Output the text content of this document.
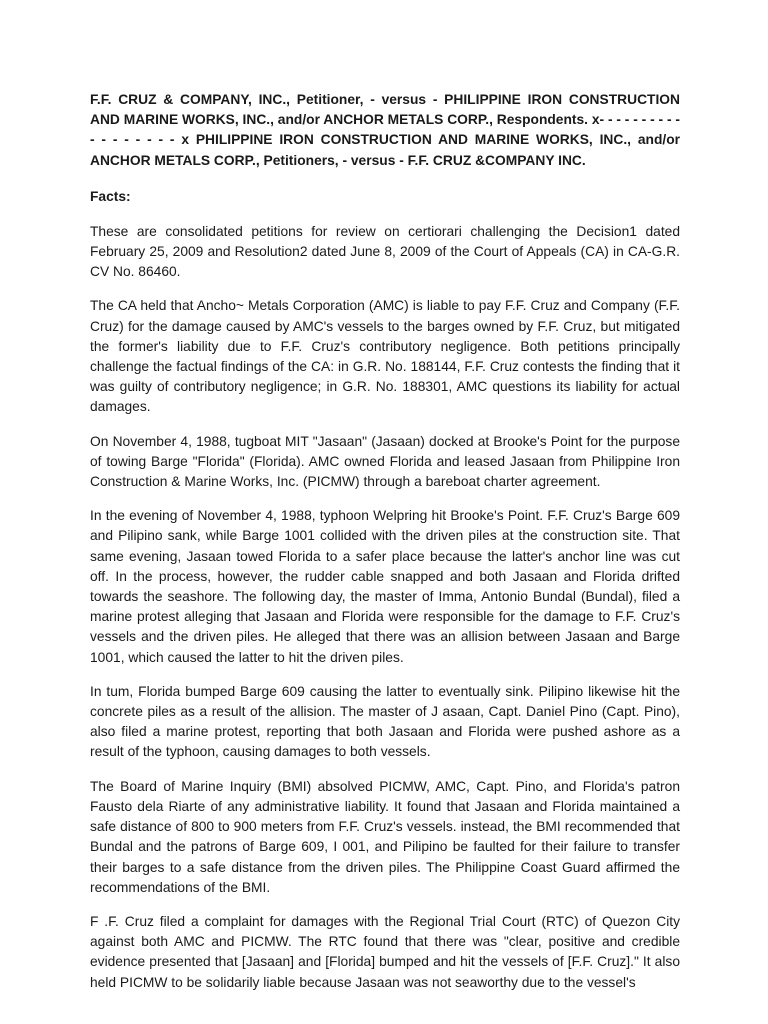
F.F. CRUZ & COMPANY, INC., Petitioner, - versus - PHILIPPINE IRON CONSTRUCTION AND MARINE WORKS, INC., and/or ANCHOR METALS CORP., Respondents. x- - - - - - - - - - - - - - - - - - x PHILIPPINE IRON CONSTRUCTION AND MARINE WORKS, INC., and/or ANCHOR METALS CORP., Petitioners, - versus - F.F. CRUZ &COMPANY INC.

Facts:

These are consolidated petitions for review on certiorari challenging the Decision1 dated February 25, 2009 and Resolution2 dated June 8, 2009 of the Court of Appeals (CA) in CA-G.R. CV No. 86460.

The CA held that Ancho~ Metals Corporation (AMC) is liable to pay F.F. Cruz and Company (F.F. Cruz) for the damage caused by AMC's vessels to the barges owned by F.F. Cruz, but mitigated the former's liability due to F.F. Cruz's contributory negligence. Both petitions principally challenge the factual findings of the CA: in G.R. No. 188144, F.F. Cruz contests the finding that it was guilty of contributory negligence; in G.R. No. 188301, AMC questions its liability for actual damages.

On November 4, 1988, tugboat MIT "Jasaan" (Jasaan) docked at Brooke's Point for the purpose of towing Barge "Florida" (Florida). AMC owned Florida and leased Jasaan from Philippine Iron Construction & Marine Works, Inc. (PICMW) through a bareboat charter agreement.

In the evening of November 4, 1988, typhoon Welpring hit Brooke's Point. F.F. Cruz's Barge 609 and Pilipino sank, while Barge 1001 collided with the driven piles at the construction site. That same evening, Jasaan towed Florida to a safer place because the latter's anchor line was cut off. In the process, however, the rudder cable snapped and both Jasaan and Florida drifted towards the seashore. The following day, the master of Imma, Antonio Bundal (Bundal), filed a marine protest alleging that Jasaan and Florida were responsible for the damage to F.F. Cruz's vessels and the driven piles. He alleged that there was an allision between Jasaan and Barge 1001, which caused the latter to hit the driven piles.

In tum, Florida bumped Barge 609 causing the latter to eventually sink. Pilipino likewise hit the concrete piles as a result of the allision. The master of J asaan, Capt. Daniel Pino (Capt. Pino), also filed a marine protest, reporting that both Jasaan and Florida were pushed ashore as a result of the typhoon, causing damages to both vessels.

The Board of Marine Inquiry (BMI) absolved PICMW, AMC, Capt. Pino, and Florida's patron Fausto dela Riarte of any administrative liability. It found that Jasaan and Florida maintained a safe distance of 800 to 900 meters from F.F. Cruz's vessels. instead, the BMI recommended that Bundal and the patrons of Barge 609, I 001, and Pilipino be faulted for their failure to transfer their barges to a safe distance from the driven piles. The Philippine Coast Guard affirmed the recommendations of the BMI.

F .F. Cruz filed a complaint for damages with the Regional Trial Court (RTC) of Quezon City against both AMC and PICMW. The RTC found that there was "clear, positive and credible evidence presented that [Jasaan] and [Florida] bumped and hit the vessels of [F.F. Cruz]." It also held PICMW to be solidarily liable because Jasaan was not seaworthy due to the vessel's
